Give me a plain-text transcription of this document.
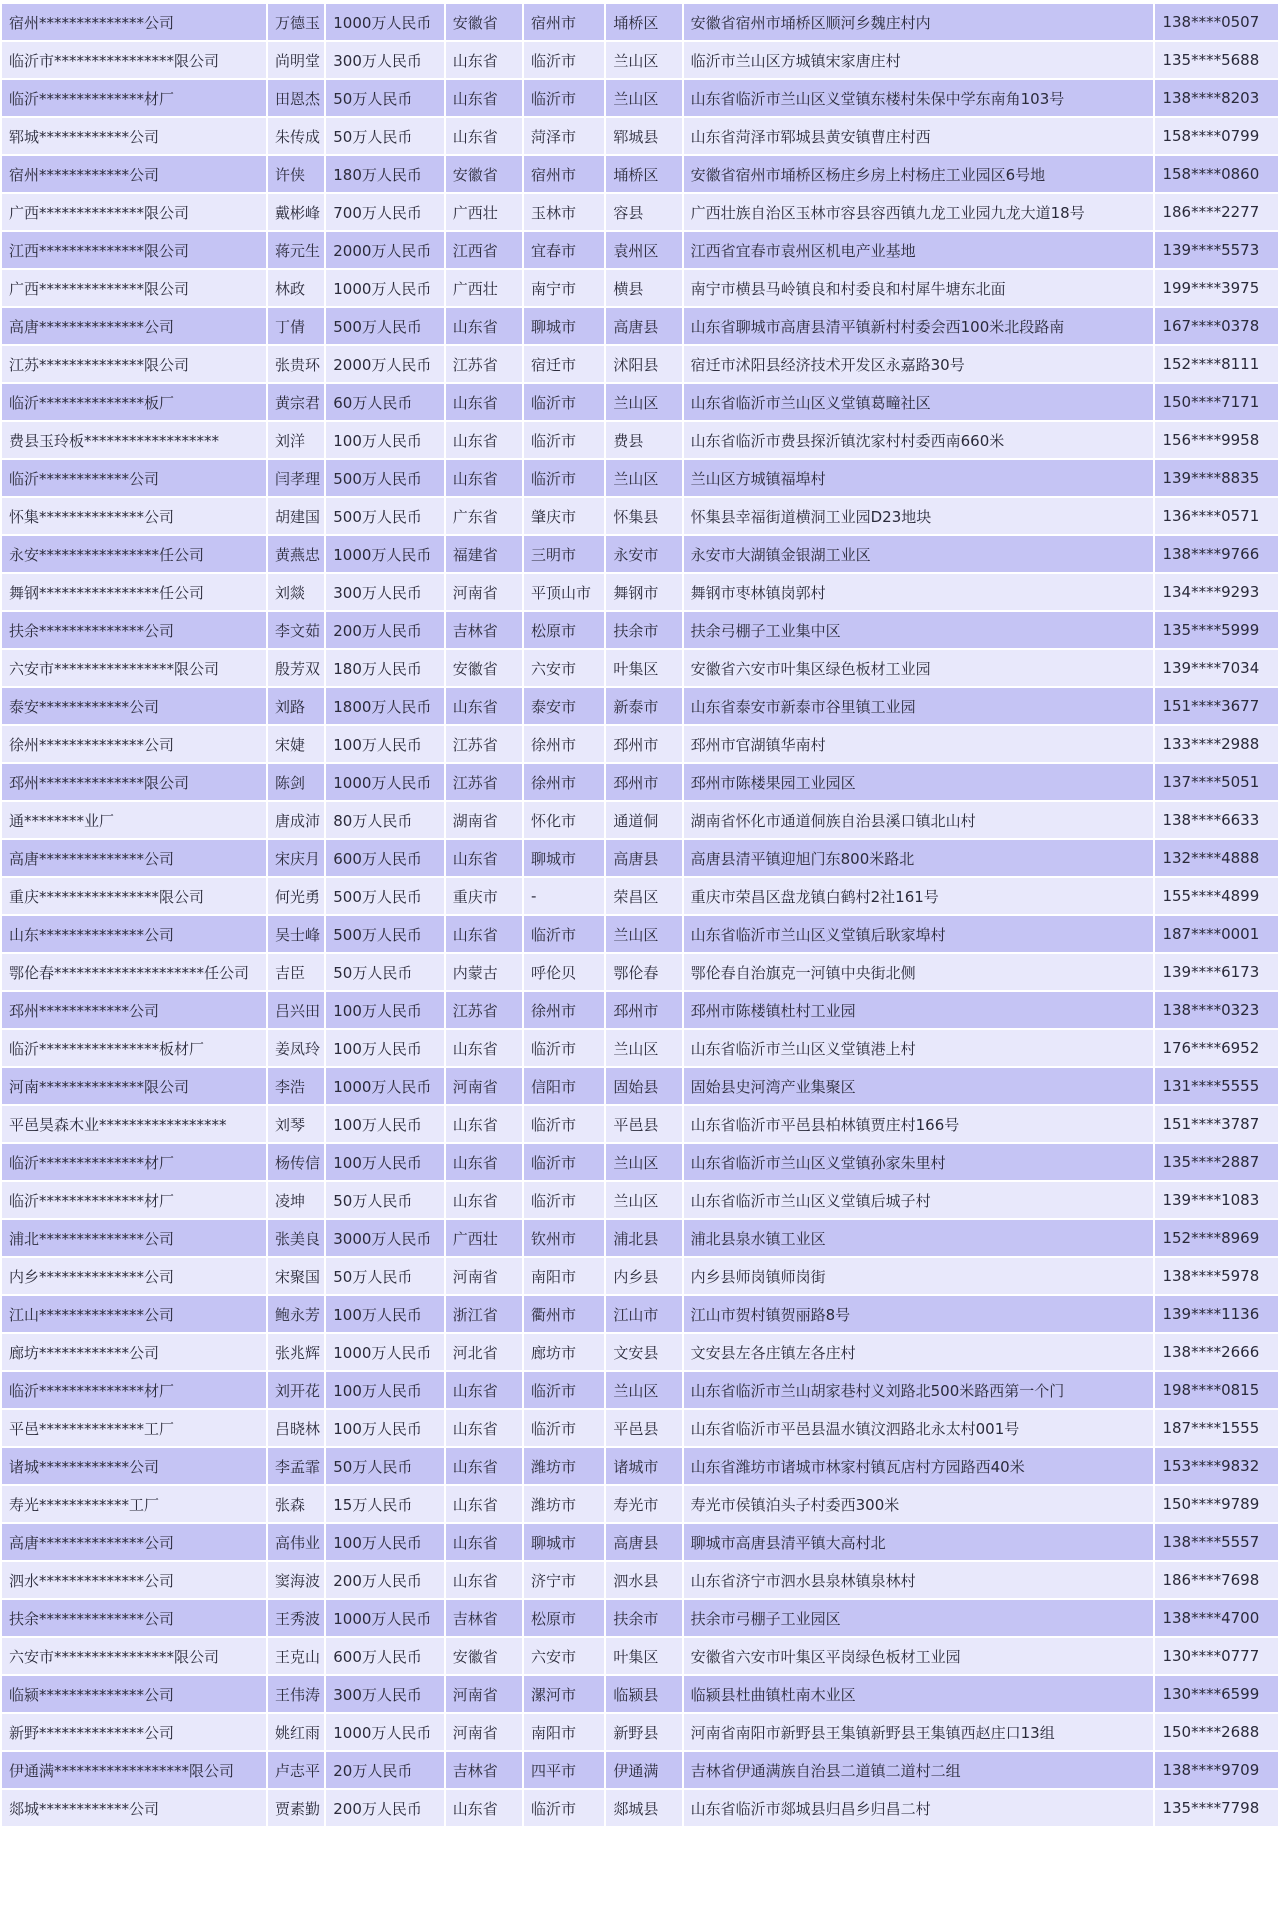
宿州**************公司	万德玉	1000万人民币	安徽省	宿州市	埇桥区	安徽省宿州市埇桥区顺河乡魏庄村内	138****0507
临沂市****************限公司	尚明堂	300万人民币	山东省	临沂市	兰山区	临沂市兰山区方城镇宋家唐庄村	135****5688
临沂**************材厂	田恩杰	50万人民币	山东省	临沂市	兰山区	山东省临沂市兰山区义堂镇东楼村朱保中学东南角103号	138****8203
郓城************公司	朱传成	50万人民币	山东省	菏泽市	郓城县	山东省菏泽市郓城县黄安镇曹庄村西	158****0799
宿州************公司	许侠	180万人民币	安徽省	宿州市	埇桥区	安徽省宿州市埇桥区杨庄乡房上村杨庄工业园区6号地	158****0860
广西**************限公司	戴彬峰	700万人民币	广西壮	玉林市	容县	广西壮族自治区玉林市容县容西镇九龙工业园九龙大道18号	186****2277
江西**************限公司	蒋元生	2000万人民币	江西省	宜春市	袁州区	江西省宜春市袁州区机电产业基地	139****5573
广西**************限公司	林政	1000万人民币	广西壮	南宁市	横县	南宁市横县马岭镇良和村委良和村犀牛塘东北面	199****3975
高唐**************公司	丁倩	500万人民币	山东省	聊城市	高唐县	山东省聊城市高唐县清平镇新村村委会西100米北段路南	167****0378
江苏**************限公司	张贵环	2000万人民币	江苏省	宿迁市	沭阳县	宿迁市沭阳县经济技术开发区永嘉路30号	152****8111
临沂**************板厂	黄宗君	60万人民币	山东省	临沂市	兰山区	山东省临沂市兰山区义堂镇葛疃社区	150****7171
费县玉玲板******************	刘洋	100万人民币	山东省	临沂市	费县	山东省临沂市费县探沂镇沈家村村委西南660米	156****9958
临沂************公司	闫孝理	500万人民币	山东省	临沂市	兰山区	兰山区方城镇福埠村	139****8835
怀集**************公司	胡建国	500万人民币	广东省	肇庆市	怀集县	怀集县幸福街道横洞工业园D23地块	136****0571
永安****************任公司	黄燕忠	1000万人民币	福建省	三明市	永安市	永安市大湖镇金银湖工业区	138****9766
舞钢****************任公司	刘燚	300万人民币	河南省	平顶山市	舞钢市	舞钢市枣林镇岗郭村	134****9293
扶余**************公司	李文茹	200万人民币	吉林省	松原市	扶余市	扶余弓棚子工业集中区	135****5999
六安市****************限公司	殷芳双	180万人民币	安徽省	六安市	叶集区	安徽省六安市叶集区绿色板材工业园	139****7034
泰安************公司	刘路	1800万人民币	山东省	泰安市	新泰市	山东省泰安市新泰市谷里镇工业园	151****3677
徐州**************公司	宋婕	100万人民币	江苏省	徐州市	邳州市	邳州市官湖镇华南村	133****2988
邳州**************限公司	陈剑	1000万人民币	江苏省	徐州市	邳州市	邳州市陈楼果园工业园区	137****5051
通********业厂	唐成沛	80万人民币	湖南省	怀化市	通道侗	湖南省怀化市通道侗族自治县溪口镇北山村	138****6633
高唐**************公司	宋庆月	600万人民币	山东省	聊城市	高唐县	高唐县清平镇迎旭门东800米路北	132****4888
重庆****************限公司	何光勇	500万人民币	重庆市	-	荣昌区	重庆市荣昌区盘龙镇白鹤村2社161号	155****4899
山东**************公司	吴士峰	500万人民币	山东省	临沂市	兰山区	山东省临沂市兰山区义堂镇后耿家埠村	187****0001
鄂伦春********************任公司	吉臣	50万人民币	内蒙古	呼伦贝	鄂伦春	鄂伦春自治旗克一河镇中央街北侧	139****6173
邳州************公司	吕兴田	100万人民币	江苏省	徐州市	邳州市	邳州市陈楼镇杜村工业园	138****0323
临沂****************板材厂	姜凤玲	100万人民币	山东省	临沂市	兰山区	山东省临沂市兰山区义堂镇港上村	176****6952
河南**************限公司	李浩	1000万人民币	河南省	信阳市	固始县	固始县史河湾产业集聚区	131****5555
平邑昊森木业*****************	刘琴	100万人民币	山东省	临沂市	平邑县	山东省临沂市平邑县柏林镇贾庄村166号	151****3787
临沂**************材厂	杨传信	100万人民币	山东省	临沂市	兰山区	山东省临沂市兰山区义堂镇孙家朱里村	135****2887
临沂**************材厂	凌坤	50万人民币	山东省	临沂市	兰山区	山东省临沂市兰山区义堂镇后城子村	139****1083
浦北**************公司	张美良	3000万人民币	广西壮	钦州市	浦北县	浦北县泉水镇工业区	152****8969
内乡**************公司	宋聚国	50万人民币	河南省	南阳市	内乡县	内乡县师岗镇师岗街	138****5978
江山**************公司	鲍永芳	100万人民币	浙江省	衢州市	江山市	江山市贺村镇贺丽路8号	139****1136
廊坊************公司	张兆辉	1000万人民币	河北省	廊坊市	文安县	文安县左各庄镇左各庄村	138****2666
临沂**************材厂	刘开花	100万人民币	山东省	临沂市	兰山区	山东省临沂市兰山胡家巷村义刘路北500米路西第一个门	198****0815
平邑**************工厂	吕晓林	100万人民币	山东省	临沂市	平邑县	山东省临沂市平邑县温水镇汶泗路北永太村001号	187****1555
诸城************公司	李孟霏	50万人民币	山东省	潍坊市	诸城市	山东省潍坊市诸城市林家村镇瓦店村方园路西40米	153****9832
寿光************工厂	张森	15万人民币	山东省	潍坊市	寿光市	寿光市侯镇泊头子村委西300米	150****9789
高唐**************公司	高伟业	100万人民币	山东省	聊城市	高唐县	聊城市高唐县清平镇大高村北	138****5557
泗水**************公司	窦海波	200万人民币	山东省	济宁市	泗水县	山东省济宁市泗水县泉林镇泉林村	186****7698
扶余**************公司	王秀波	1000万人民币	吉林省	松原市	扶余市	扶余市弓棚子工业园区	138****4700
六安市****************限公司	王克山	600万人民币	安徽省	六安市	叶集区	安徽省六安市叶集区平岗绿色板材工业园	130****0777
临颍**************公司	王伟涛	300万人民币	河南省	漯河市	临颍县	临颍县杜曲镇杜南木业区	130****6599
新野**************公司	姚红雨	1000万人民币	河南省	南阳市	新野县	河南省南阳市新野县王集镇新野县王集镇西赵庄口13组	150****2688
伊通满******************限公司	卢志平	20万人民币	吉林省	四平市	伊通满	吉林省伊通满族自治县二道镇二道村二组	138****9709
郯城************公司	贾素勤	200万人民币	山东省	临沂市	郯城县	山东省临沂市郯城县归昌乡归昌二村	135****7798
